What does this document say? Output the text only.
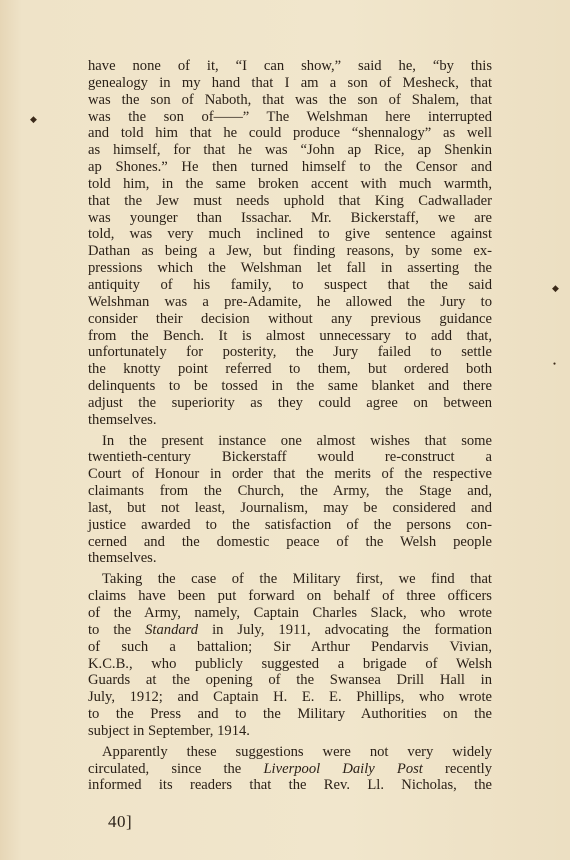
◆
◆
●
have none of it, “I can show,” said he, “by this
genealogy in my hand that I am a son of Mesheck, that
was the son of Naboth, that was the son of Shalem, that
was the son of——” The Welshman here interrupted
and told him that he could produce “shennalogy” as well
as himself, for that he was “John ap Rice, ap Shenkin
ap Shones.” He then turned himself to the Censor and
told him, in the same broken accent with much warmth,
that the Jew must needs uphold that King Cadwallader
was younger than Issachar. Mr. Bickerstaff, we are
told, was very much inclined to give sentence against
Dathan as being a Jew, but finding reasons, by some ex-
pressions which the Welshman let fall in asserting the
antiquity of his family, to suspect that the said
Welshman was a pre-Adamite, he allowed the Jury to
consider their decision without any previous guidance
from the Bench. It is almost unnecessary to add that,
unfortunately for posterity, the Jury failed to settle
the knotty point referred to them, but ordered both
delinquents to be tossed in the same blanket and there
adjust the superiority as they could agree on between
themselves.
In the present instance one almost wishes that some
twentieth-century Bickerstaff would re-construct a
Court of Honour in order that the merits of the respective
claimants from the Church, the Army, the Stage and,
last, but not least, Journalism, may be considered and
justice awarded to the satisfaction of the persons con-
cerned and the domestic peace of the Welsh people
themselves.
Taking the case of the Military first, we find that
claims have been put forward on behalf of three officers
of the Army, namely, Captain Charles Slack, who wrote
to the Standard in July, 1911, advocating the formation
of such a battalion; Sir Arthur Pendarvis Vivian,
K.C.B., who publicly suggested a brigade of Welsh
Guards at the opening of the Swansea Drill Hall in
July, 1912; and Captain H. E. E. Phillips, who wrote
to the Press and to the Military Authorities on the
subject in September, 1914.
Apparently these suggestions were not very widely
circulated, since the Liverpool Daily Post recently
informed its readers that the Rev. Ll. Nicholas, the
40]
